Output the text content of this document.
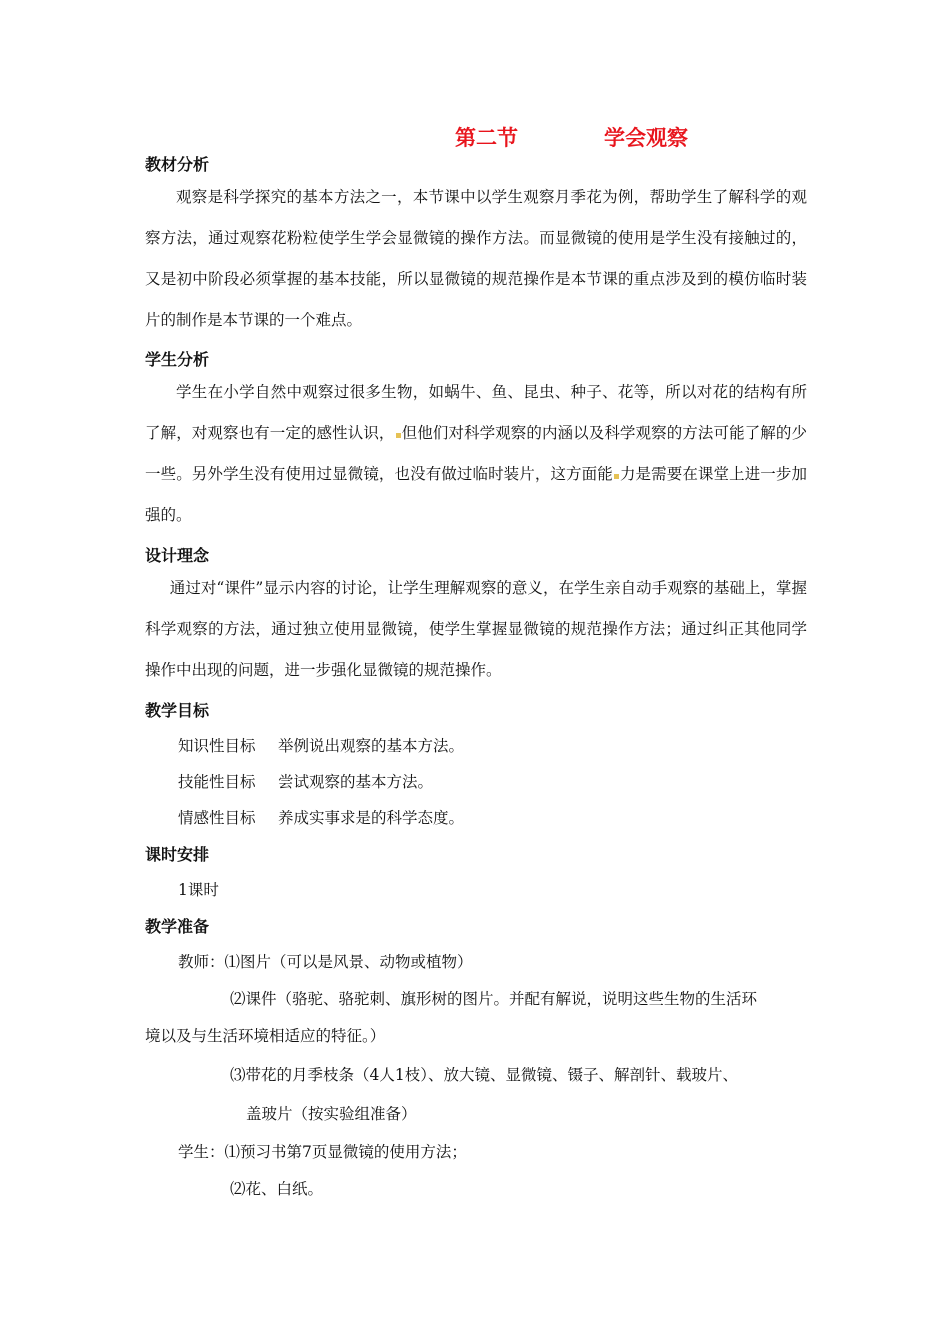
第二节	学会观察
教材分析
观察是科学探究的基本方法之一，本节课中以学生观察月季花为例，帮助学生了解科学的观察方法，通过观察花粉粒使学生学会显微镜的操作方法。而显微镜的使用是学生没有接触过的，又是初中阶段必须掌握的基本技能，所以显微镜的规范操作是本节课的重点涉及到的模仿临时装片的制作是本节课的一个难点。
学生分析
学生在小学自然中观察过很多生物，如蜗牛、鱼、昆虫、种子、花等，所以对花的结构有所了解，对观察也有一定的感性认识， 但他们对科学观察的内涵以及科学观察的方法可能了解的少一些。另外学生没有使用过显微镜，也没有做过临时装片，这方面能 力是需要在课堂上进一步加强的。
设计理念
通过对“课件”显示内容的讨论，让学生理解观察的意义，在学生亲自动手观察的基础上，掌握科学观察的方法，通过独立使用显微镜，使学生掌握显微镜的规范操作方法；通过纠正其他同学操作中出现的问题，进一步强化显微镜的规范操作。
教学目标
知识性目标 举例说出观察的基本方法。
技能性目标 尝试观察的基本方法。
情感性目标 养成实事求是的科学态度。
课时安排
1课时
教学准备
教师：⑴图片（可以是风景、动物或植物）
⑵课件（骆驼、骆驼刺、旗形树的图片。并配有解说，说明这些生物的生活环
境以及与生活环境相适应的特征。）
⑶带花的月季枝条（4人1枝）、放大镜、显微镜、镊子、解剖针、载玻片、
盖玻片（按实验组准备）
学生：⑴预习书第7页显微镜的使用方法；
⑵花、白纸。
